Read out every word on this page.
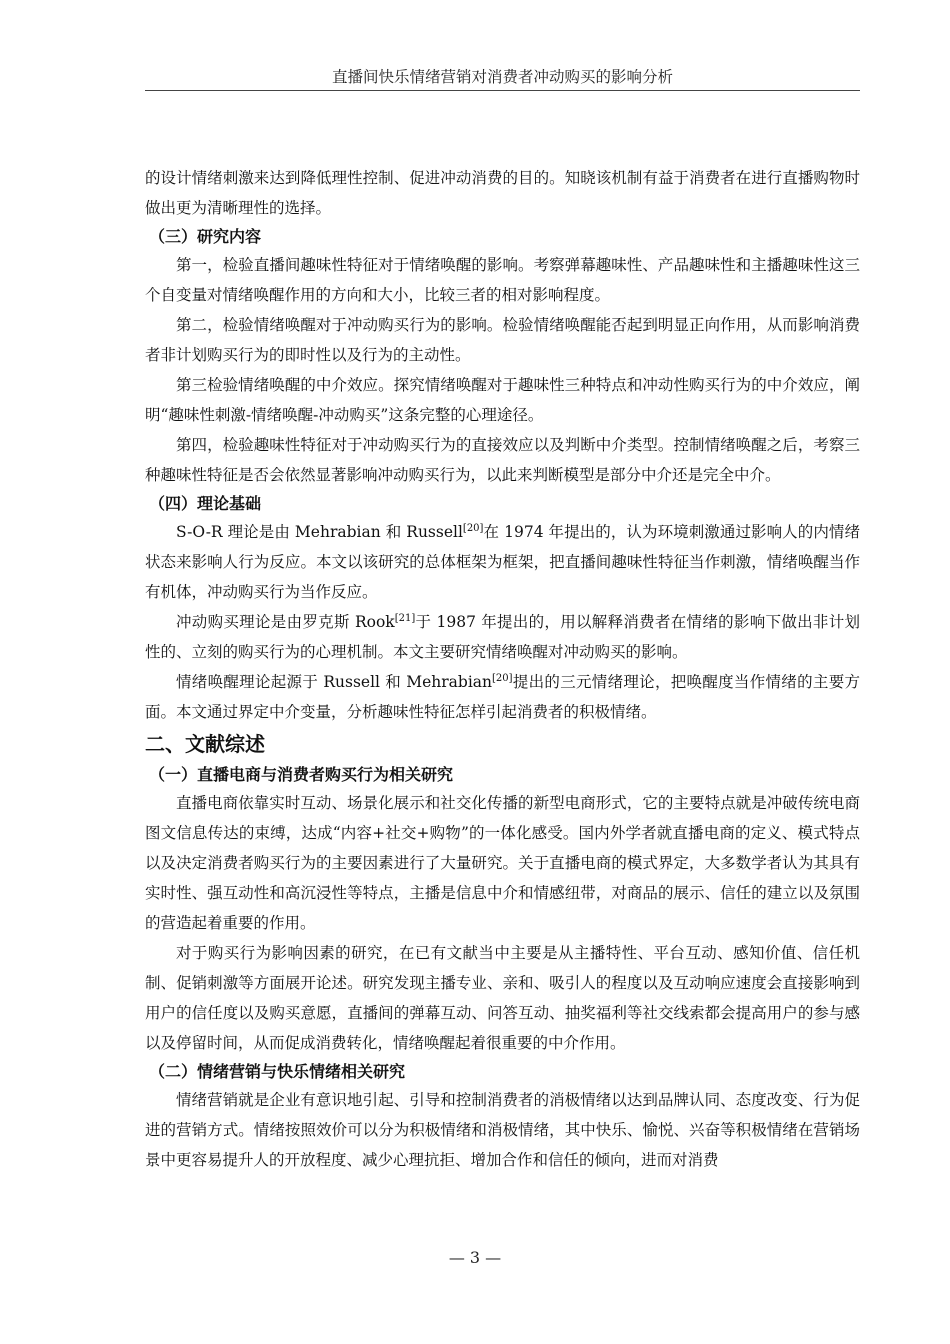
直播间快乐情绪营销对消费者冲动购买的影响分析

的设计情绪刺激来达到降低理性控制、促进冲动消费的目的。知晓该机制有益于消费者在进行直播购物时做出更为清晰理性的选择。

（三）研究内容

第一，检验直播间趣味性特征对于情绪唤醒的影响。考察弹幕趣味性、产品趣味性和主播趣味性这三个自变量对情绪唤醒作用的方向和大小，比较三者的相对影响程度。

第二，检验情绪唤醒对于冲动购买行为的影响。检验情绪唤醒能否起到明显正向作用，从而影响消费者非计划购买行为的即时性以及行为的主动性。

第三检验情绪唤醒的中介效应。探究情绪唤醒对于趣味性三种特点和冲动性购买行为的中介效应，阐明“趣味性刺激-情绪唤醒-冲动购买”这条完整的心理途径。

第四，检验趣味性特征对于冲动购买行为的直接效应以及判断中介类型。控制情绪唤醒之后，考察三种趣味性特征是否会依然显著影响冲动购买行为，以此来判断模型是部分中介还是完全中介。

（四）理论基础

S-O-R 理论是由 Mehrabian 和 Russell[20]在 1974 年提出的，认为环境刺激通过影响人的内情绪状态来影响人行为反应。本文以该研究的总体框架为框架，把直播间趣味性特征当作刺激，情绪唤醒当作有机体，冲动购买行为当作反应。

冲动购买理论是由罗克斯 Rook[21]于 1987 年提出的，用以解释消费者在情绪的影响下做出非计划性的、立刻的购买行为的心理机制。本文主要研究情绪唤醒对冲动购买的影响。

情绪唤醒理论起源于 Russell 和 Mehrabian[20]提出的三元情绪理论，把唤醒度当作情绪的主要方面。本文通过界定中介变量，分析趣味性特征怎样引起消费者的积极情绪。

二、文献综述

（一）直播电商与消费者购买行为相关研究

直播电商依靠实时互动、场景化展示和社交化传播的新型电商形式，它的主要特点就是冲破传统电商图文信息传达的束缚，达成“内容+社交+购物”的一体化感受。国内外学者就直播电商的定义、模式特点以及决定消费者购买行为的主要因素进行了大量研究。关于直播电商的模式界定，大多数学者认为其具有实时性、强互动性和高沉浸性等特点，主播是信息中介和情感纽带，对商品的展示、信任的建立以及氛围的营造起着重要的作用。

对于购买行为影响因素的研究，在已有文献当中主要是从主播特性、平台互动、感知价值、信任机制、促销刺激等方面展开论述。研究发现主播专业、亲和、吸引人的程度以及互动响应速度会直接影响到用户的信任度以及购买意愿，直播间的弹幕互动、问答互动、抽奖福利等社交线索都会提高用户的参与感以及停留时间，从而促成消费转化，情绪唤醒起着很重要的中介作用。

（二）情绪营销与快乐情绪相关研究

情绪营销就是企业有意识地引起、引导和控制消费者的消极情绪以达到品牌认同、态度改变、行为促进的营销方式。情绪按照效价可以分为积极情绪和消极情绪，其中快乐、愉悦、兴奋等积极情绪在营销场景中更容易提升人的开放程度、减少心理抗拒、增加合作和信任的倾向，进而对消费

— 3 —
